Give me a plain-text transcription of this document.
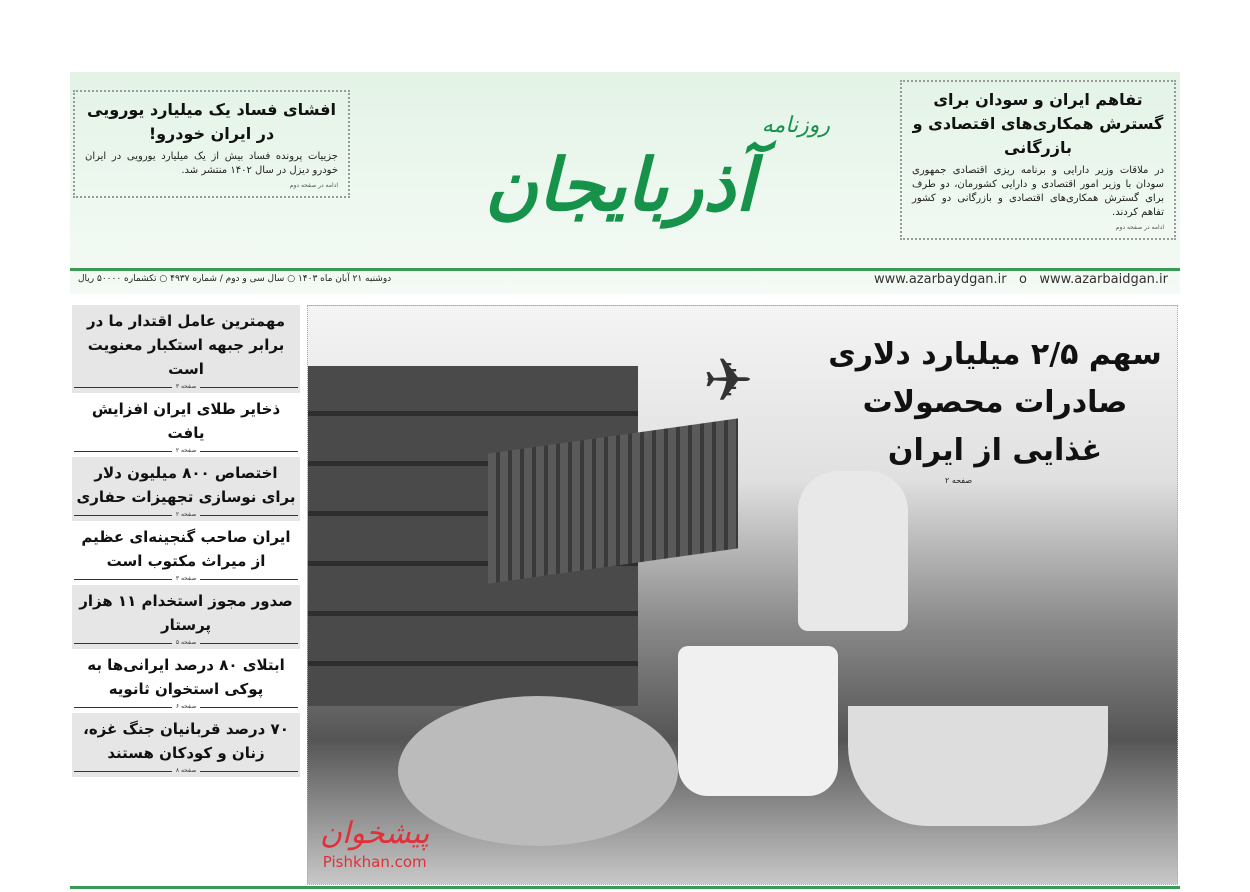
تفاهم ایران و سودان برای گسترش همکاری‌های اقتصادی و بازرگانی

در ملاقات وزیر دارایی و برنامه ریزی اقتصادی جمهوری سودان با وزیر امور اقتصادی و دارایی کشورمان، دو طرف برای گسترش همکاری‌های اقتصادی و بازرگانی دو کشور تفاهم کردند.

ادامه در صفحه دوم
روزنامه
آذربایجان
افشای فساد یک میلیارد یورویی در ایران خودرو!

جزییات پرونده فساد بیش از یک میلیارد یورویی در ایران خودرو دیزل در سال ۱۴۰۲ منتشر شد.

ادامه در صفحه دوم
دوشنبه ۲۱ آبان ماه ۱۴۰۳ ○ سال سی و دوم / شماره ۴۹۳۷ ○ تکشماره ۵۰۰۰۰ ریال	www.azarbaydgan.ir o www.azarbaidgan.ir
مهمترین عامل اقتدار ما در برابر جبهه استکبار معنویت است
صفحه ۳
ذخایر طلای ایران افزایش یافت
صفحه ۲
اختصاص ۸۰۰ میلیون دلار برای نوسازی تجهیزات حفاری
صفحه ۲
ایران صاحب گنجینه‌ای عظیم از میراث مکتوب است
صفحه ۳
صدور مجوز استخدام ۱۱ هزار پرستار
صفحه ۵
ابتلای ۸۰ درصد ایرانی‌ها به پوکی استخوان ثانویه
صفحه ۶
۷۰ درصد قربانیان جنگ غزه، زنان و کودکان هستند
صفحه ۸
✈ سهم ۲/۵ میلیارد دلاری صادرات محصولات غذایی از ایران
صفحه ۲
پیشخوان
Pishkhan.com
